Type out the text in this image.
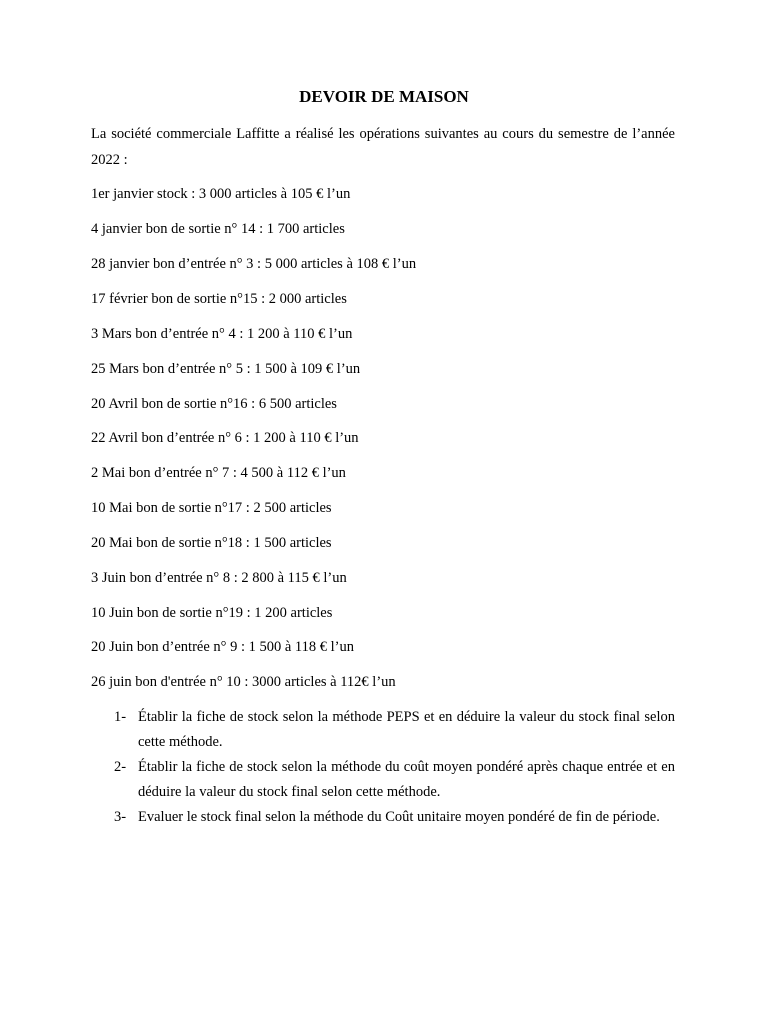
DEVOIR DE MAISON

La société commerciale Laffitte a réalisé les opérations suivantes au cours du semestre de l’année 2022 :

1er janvier stock : 3 000 articles à 105 € l’un
4 janvier bon de sortie n° 14 : 1 700 articles
28 janvier bon d’entrée n° 3 : 5 000 articles à 108 € l’un
17 février bon de sortie n°15 : 2 000 articles
3 Mars bon d’entrée n° 4 : 1 200 à 110 € l’un
25 Mars bon d’entrée n° 5 : 1 500 à 109 € l’un
20 Avril bon de sortie n°16 : 6 500 articles
22 Avril bon d’entrée n° 6 : 1 200 à 110 € l’un
2 Mai bon d’entrée n° 7 : 4 500 à 112 € l’un
10 Mai bon de sortie n°17 : 2 500 articles
20 Mai bon de sortie n°18 : 1 500 articles
3 Juin bon d’entrée n° 8 : 2 800 à 115 € l’un
10 Juin bon de sortie n°19 : 1 200 articles
20 Juin bon d’entrée n° 9 : 1 500 à 118 € l’un
26 juin bon d'entrée n° 10 : 3000 articles à 112€ l’un
1- Établir la fiche de stock selon la méthode PEPS et en déduire la valeur du stock final selon cette méthode.
2- Établir la fiche de stock selon la méthode du coût moyen pondéré après chaque entrée et en déduire la valeur du stock final selon cette méthode.
3- Evaluer le stock final selon la méthode du Coût unitaire moyen pondéré de fin de période.
